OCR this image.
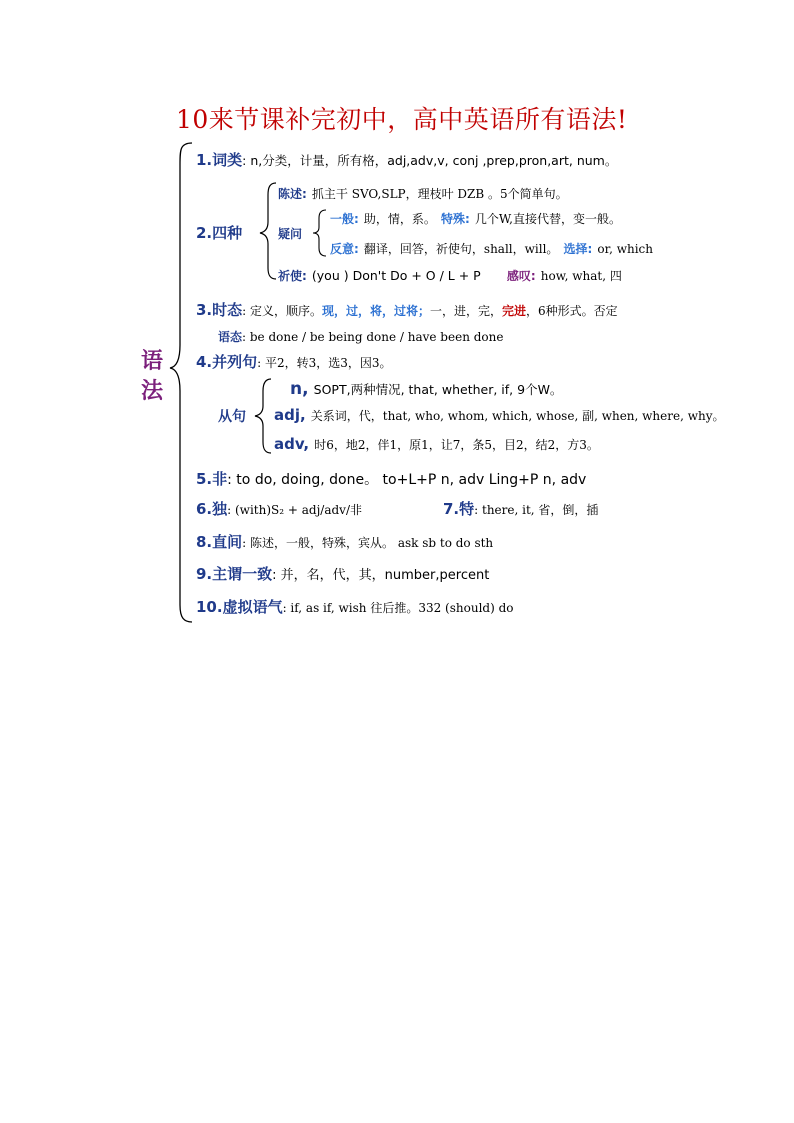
10来节课补完初中，高中英语所有语法!
语
法
1.词类: n,分类，计量，所有格，adj,adv,v, conj ,prep,pron,art, num。
2.四种
陈述: 抓主干 SVO,SLP，理枝叶 DZB 。5个简单句。
疑问
一般: 助，情，系。 特殊: 几个W,直接代替，变一般。
反意: 翻译，回答，祈使句，shall，will。 选择: or, which
祈使: (you ) Don't Do + O / L + P 感叹: how, what, 四
3.时态: 定义，顺序。现，过，将，过将；一，进，完，完进，6种形式。否定
语态: be done / be being done / have been done
4.并列句: 平2，转3，选3，因3。
从句
n, SOPT,两种情况, that, whether, if, 9个W。
adj, 关系词，代，that, who, whom, which, whose, 副, when, where, why。
adv, 时6，地2，伴1，原1，让7，条5，目2，结2，方3。
5.非: to do, doing, done。 to+L+P n, adv Ling+P n, adv
6.独: (with)S₂ + adj/adv/非	7.特: there, it, 省，倒，插
8.直间: 陈述，一般，特殊，宾从。 ask sb to do sth
9.主谓一致: 并，名，代，其，number,percent
10.虚拟语气: if, as if, wish 往后推。332 (should) do
